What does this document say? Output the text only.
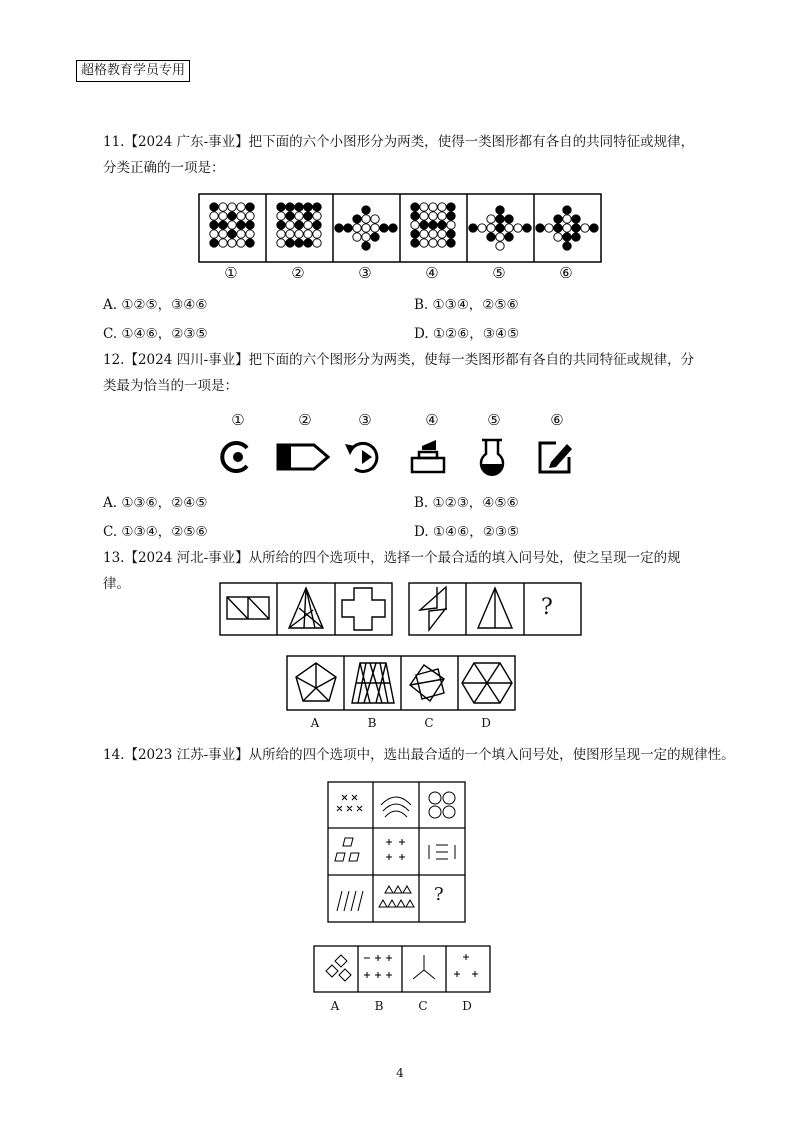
超格教育学员专用
11.【2024 广东-事业】把下面的六个小图形分为两类，使得一类图形都有各自的共同特征或规律，分类正确的一项是：
①	②	③	④	⑤	⑥
A. ①②⑤，③④⑥	B. ①③④，②⑤⑥
C. ①④⑥，②③⑤	D. ①②⑥，③④⑤
12.【2024 四川-事业】把下面的六个图形分为两类，使每一类图形都有各自的共同特征或规律，分类最为恰当的一项是：
①	②	③	④	⑤	⑥
A. ①③⑥，②④⑤	B. ①②③，④⑤⑥
C. ①③④，②⑤⑥	D. ①④⑥，②③⑤
13.【2024 河北-事业】从所给的四个选项中，选择一个最合适的填入问号处，使之呈现一定的规律。
?
A	B	C	D
14.【2023 江苏-事业】从所给的四个选项中，选出最合适的一个填入问号处，使图形呈现一定的规律性。
?
A	B	C	D
4
